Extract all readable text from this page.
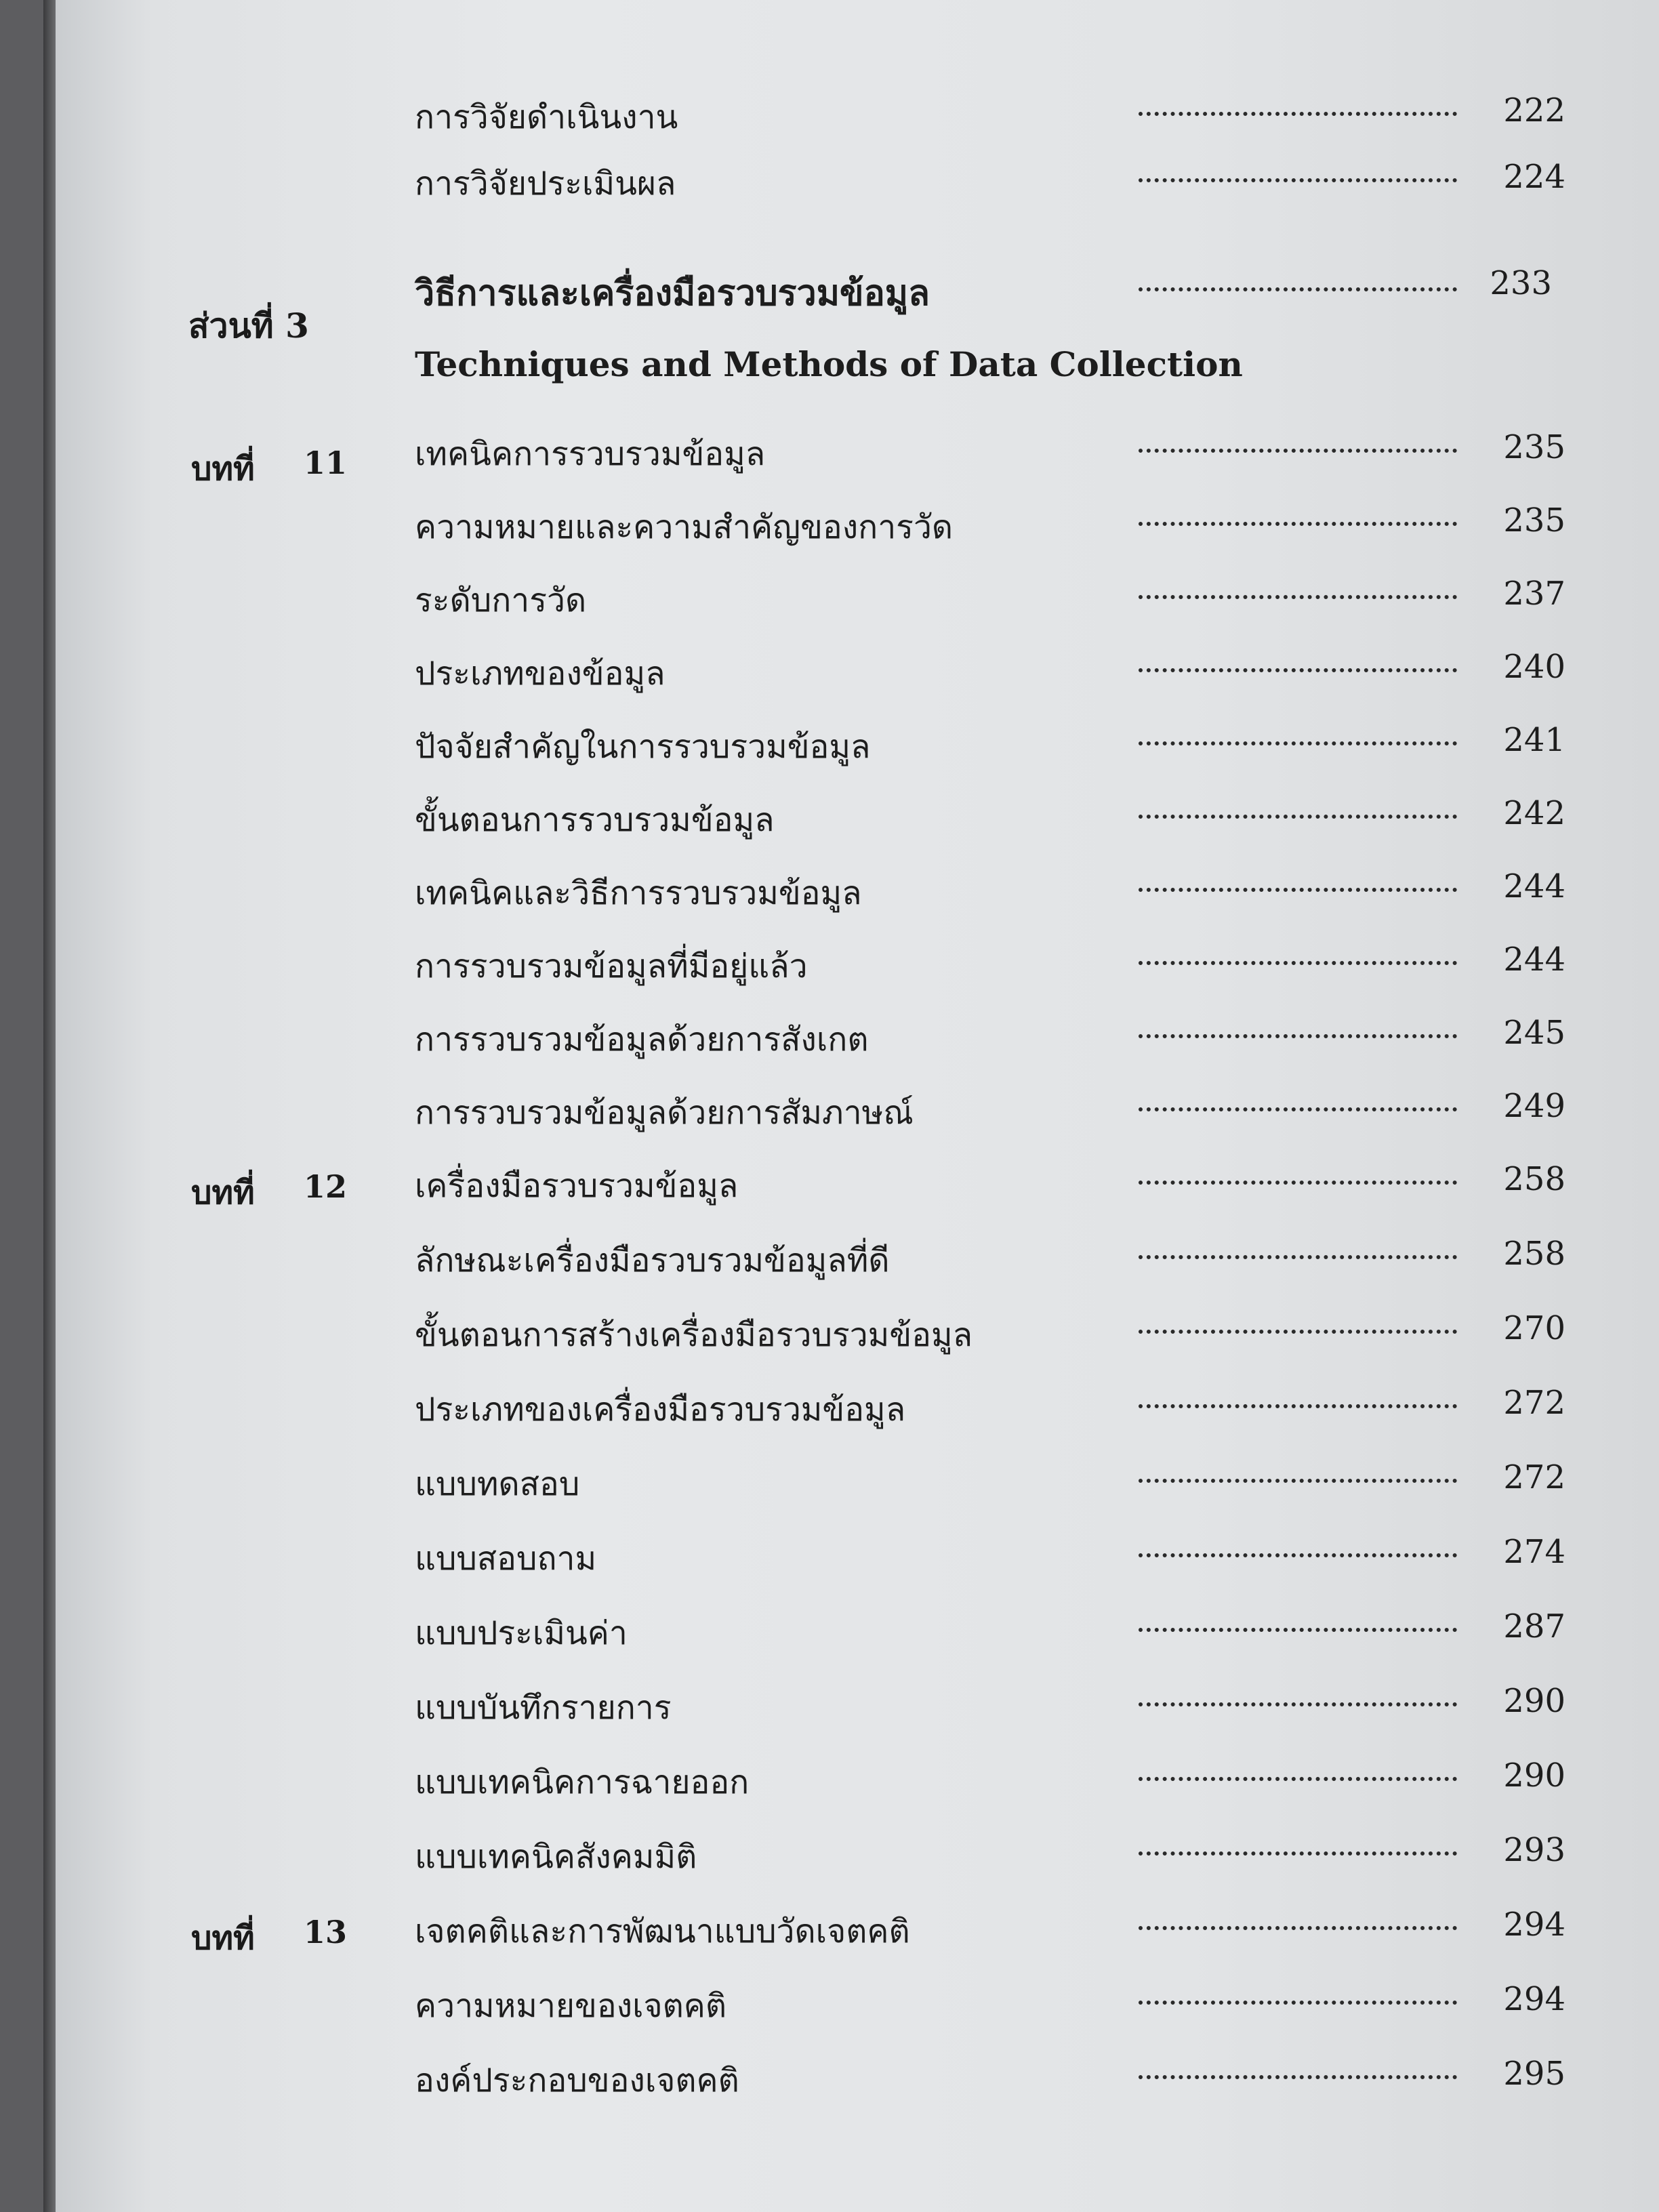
การวิจัยดำเนินงาน	222
การวิจัยประเมินผล	224
ส่วนที่ 3
วิธีการและเครื่องมือรวบรวมข้อมูล	233
Techniques and Methods of Data Collection
บทที่ 11 เทคนิคการรวบรวมข้อมูล	235
ความหมายและความสำคัญของการวัด	235
ระดับการวัด	237
ประเภทของข้อมูล	240
ปัจจัยสำคัญในการรวบรวมข้อมูล	241
ขั้นตอนการรวบรวมข้อมูล	242
เทคนิคและวิธีการรวบรวมข้อมูล	244
การรวบรวมข้อมูลที่มีอยู่แล้ว	244
การรวบรวมข้อมูลด้วยการสังเกต	245
การรวบรวมข้อมูลด้วยการสัมภาษณ์	249
บทที่ 12 เครื่องมือรวบรวมข้อมูล	258
ลักษณะเครื่องมือรวบรวมข้อมูลที่ดี	258
ขั้นตอนการสร้างเครื่องมือรวบรวมข้อมูล	270
ประเภทของเครื่องมือรวบรวมข้อมูล	272
แบบทดสอบ	272
แบบสอบถาม	274
แบบประเมินค่า	287
แบบบันทึกรายการ	290
แบบเทคนิคการฉายออก	290
แบบเทคนิคสังคมมิติ	293
บทที่ 13 เจตคติและการพัฒนาแบบวัดเจตคติ	294
ความหมายของเจตคติ	294
องค์ประกอบของเจตคติ	295
